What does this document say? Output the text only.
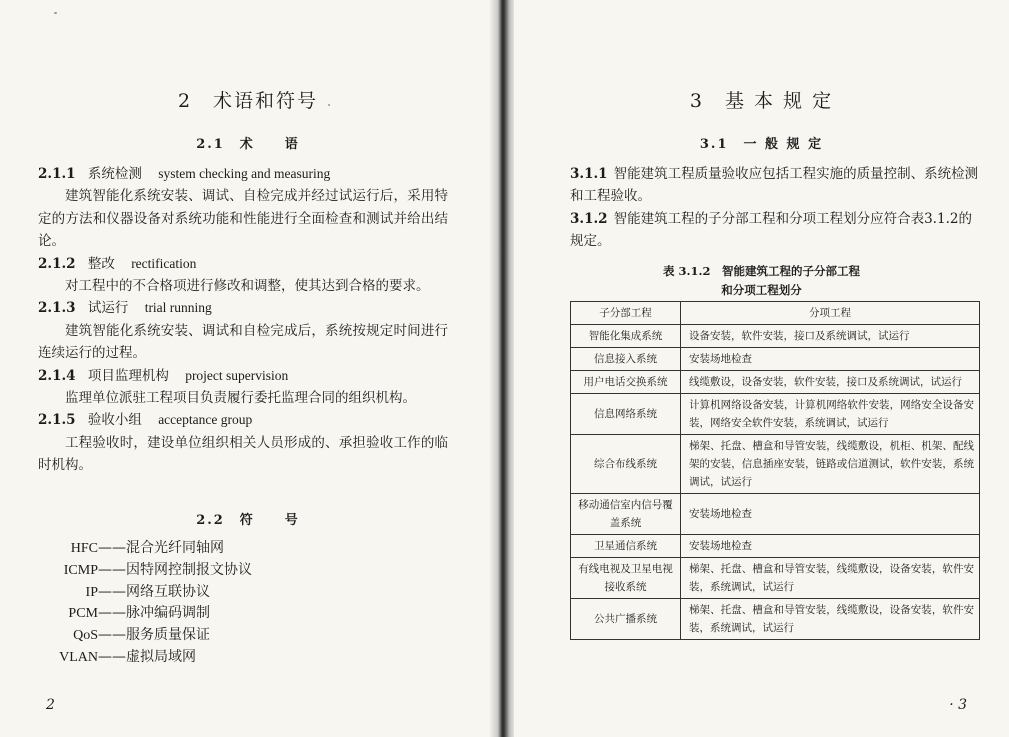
2　术语和符号
2.1　术　　语
2.1.1 系统检测 system checking and measuring
建筑智能化系统安装、调试、自检完成并经过试运行后，采用特定的方法和仪器设备对系统功能和性能进行全面检查和测试并给出结论。
2.1.2 整改 rectification
对工程中的不合格项进行修改和调整，使其达到合格的要求。
2.1.3 试运行 trial running
建筑智能化系统安装、调试和自检完成后，系统按规定时间进行连续运行的过程。
2.1.4 项目监理机构 project supervision
监理单位派驻工程项目负责履行委托监理合同的组织机构。
2.1.5 验收小组 acceptance group
工程验收时，建设单位组织相关人员形成的、承担验收工作的临时机构。
2.2　符　　号
HFC —— 混合光纤同轴网
ICMP —— 因特网控制报文协议
IP —— 网络互联协议
PCM —— 脉冲编码调制
QoS —— 服务质量保证
VLAN —— 虚拟局域网
2
3　基 本 规 定
3.1　一 般 规 定
3.1.1 智能建筑工程质量验收应包括工程实施的质量控制、系统检测和工程验收。
3.1.2 智能建筑工程的子分部工程和分项工程划分应符合表3.1.2的规定。
表 3.1.2　智能建筑工程的子分部工程
和分项工程划分
子分部工程	分项工程
智能化集成系统	设备安装，软件安装，接口及系统调试，试运行
信息接入系统	安装场地检查
用户电话交换系统	线缆敷设，设备安装，软件安装，接口及系统调试，试运行
信息网络系统	计算机网络设备安装，计算机网络软件安装，网络安全设备安装，网络安全软件安装，系统调试，试运行
综合布线系统	梯架、托盘、槽盒和导管安装，线缆敷设，机柜、机架、配线架的安装，信息插座安装，链路或信道测试，软件安装，系统调试，试运行
移动通信室内信号覆盖系统	安装场地检查
卫星通信系统	安装场地检查
有线电视及卫星电视接收系统	梯架、托盘、槽盒和导管安装，线缆敷设，设备安装，软件安装，系统调试，试运行
公共广播系统	梯架、托盘、槽盒和导管安装，线缆敷设，设备安装，软件安装，系统调试，试运行
· 3
